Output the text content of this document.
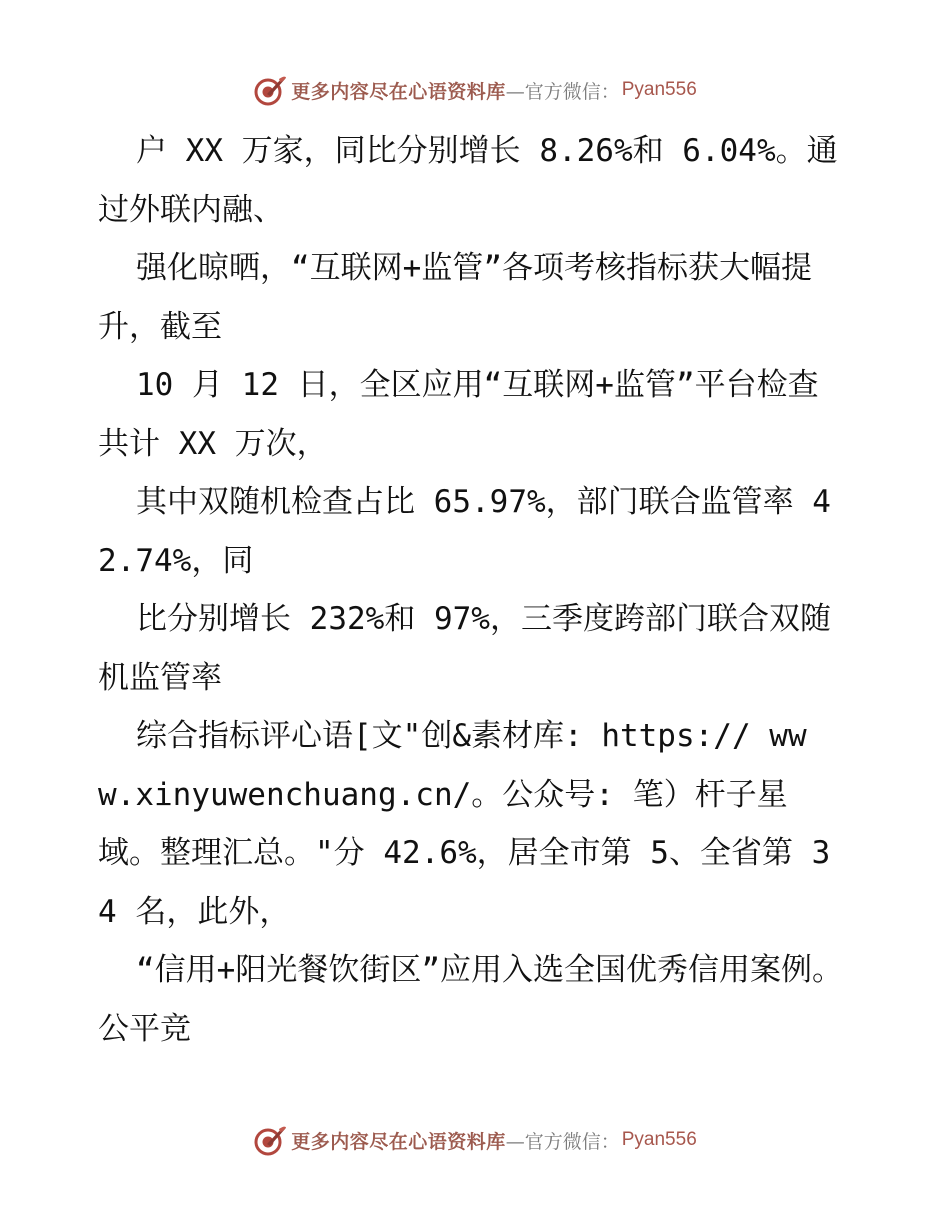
更多内容尽在心语资料库 —官方微信： Pyan556

户 XX 万家，同比分别增长 8.26%和 6.04%。通过外联内融、

强化晾晒，“互联网+监管”各项考核指标获大幅提升，截至

10 月 12 日，全区应用“互联网+监管”平台检查共计 XX 万次，

其中双随机检查占比 65.97%，部门联合监管率 42.74%，同

比分别增长 232%和 97%，三季度跨部门联合双随机监管率

综合指标评心语[文"创&素材库: https:// www.xinyuwenchuang.cn/。公众号: 笔）杆子星域。整理汇总。"分 42.6%，居全市第 5、全省第 34 名，此外，

“信用+阳光餐饮街区”应用入选全国优秀信用案例。公平竞

更多内容尽在心语资料库 —官方微信： Pyan556
